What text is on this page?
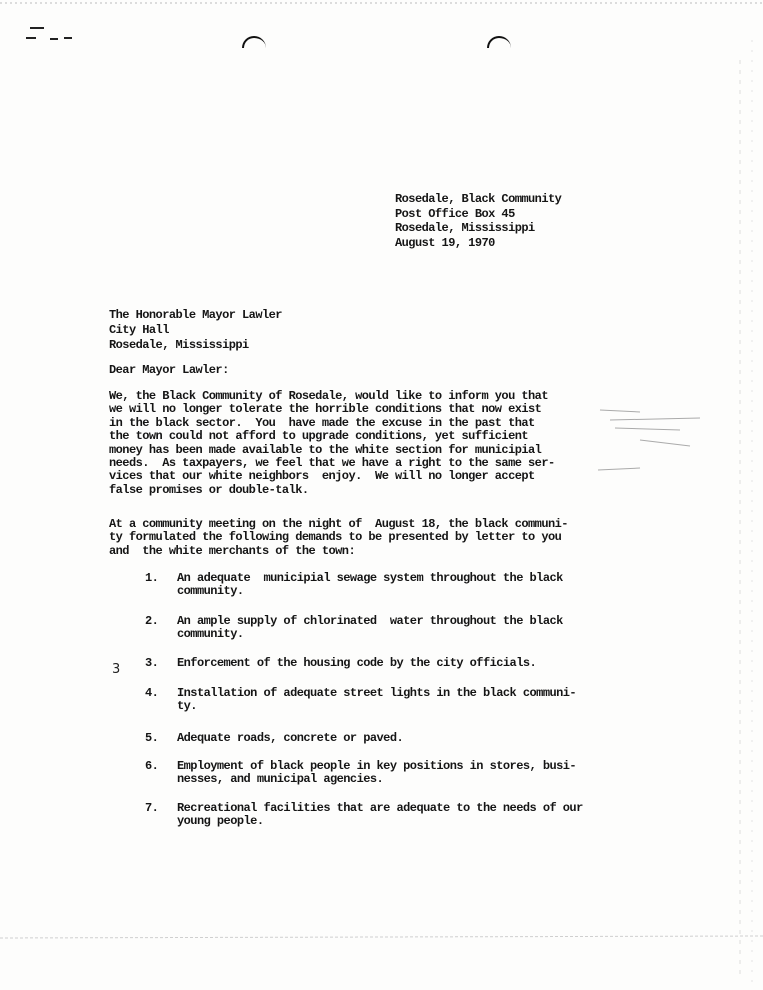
Rosedale, Black Community
Post Office Box 45
Rosedale, Mississippi
August 19, 1970
The Honorable Mayor Lawler
City Hall
Rosedale, Mississippi
Dear Mayor Lawler:
We, the Black Community of Rosedale, would like to inform you that
we will no longer tolerate the horrible conditions that now exist
in the black sector.  You  have made the excuse in the past that
the town could not afford to upgrade conditions, yet sufficient
money has been made available to the white section for municipial
needs.  As taxpayers, we feel that we have a right to the same ser-
vices that our white neighbors  enjoy.  We will no longer accept
false promises or double-talk.
At a community meeting on the night of  August 18, the black communi-
ty formulated the following demands to be presented by letter to you
and  the white merchants of the town:
1. An adequate  municipial sewage system throughout the black
community.
2. An ample supply of chlorinated  water throughout the black
community.
3. Enforcement of the housing code by the city officials.
4. Installation of adequate street lights in the black communi-
ty.
5. Adequate roads, concrete or paved.
6. Employment of black people in key positions in stores, busi-
nesses, and municipal agencies.
7. Recreational facilities that are adequate to the needs of our
young people.
3
